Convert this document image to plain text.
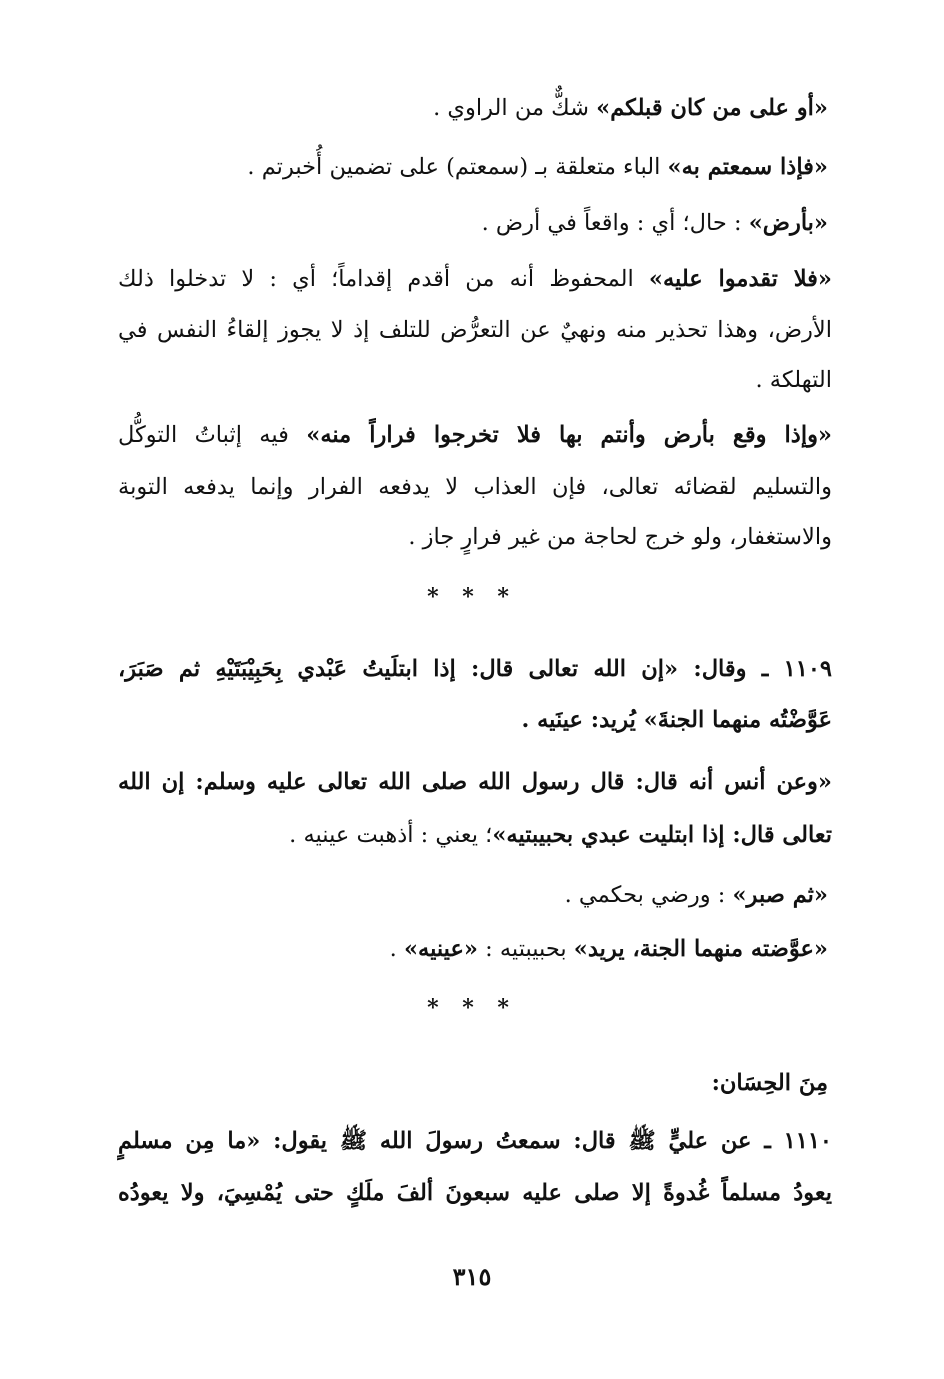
«أو على من كان قبلكم» شكٌّ من الراوي .
«فإذا سمعتم به» الباء متعلقة بـ (سمعتم) على تضمين أُخبرتم .
«بأرض» : حال؛ أي : واقعاً في أرض .
«فلا تقدموا عليه» المحفوظ أنه من أقدم إقداماً؛ أي : لا تدخلوا ذلك
الأرض، وهذا تحذير منه ونهيٌ عن التعرُّض للتلف إذ لا يجوز إلقاءُ النفس في
التهلكة .
«وإذا وقع بأرض وأنتم بها فلا تخرجوا فراراً منه» فيه إثباتُ التوكُّل
والتسليم لقضائه تعالى، فإن العذاب لا يدفعه الفرار وإنما يدفعه التوبة
والاستغفار، ولو خرج لحاجة من غير فرارٍ جاز .
١١٠٩ ـ وقال: «إن الله تعالى قال: إذا ابتلَيتُ عَبْدي بِحَبِيْبَتَيْهِ ثم صَبَرَ،
عَوَّضْتُه منهما الجنةَ» يُريد: عينَيه .
«وعن أنس أنه قال: قال رسول الله صلى الله تعالى عليه وسلم: إن الله
تعالى قال: إذا ابتليت عبدي بحبيبتيه»؛ يعني : أذهبت عينيه .
«ثم صبر» : ورضي بحكمي .
«عوَّضته منهما الجنة، يريد» بحبيبتيه : «عينيه» .
مِنَ الحِسَان:
١١١٠ ـ عن عليٍّ ﷺ قال: سمعتُ رسولَ الله ﷺ يقول: «ما مِن مسلمٍ
يعودُ مسلماً غُدوةً إلا صلى عليه سبعونَ ألفَ ملَكٍ حتى يُمْسِيَ، ولا يعودُه
* * *
* * *
٣١٥
